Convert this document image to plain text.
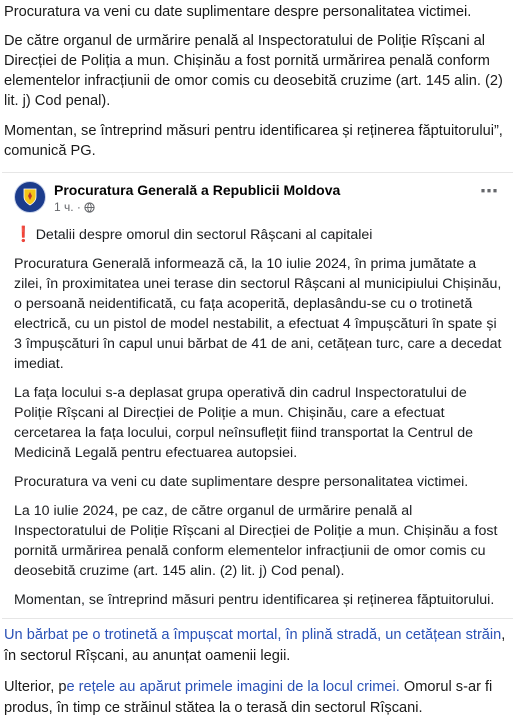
Procuratura va veni cu date suplimentare despre personalitatea victimei.

De către organul de urmărire penală al Inspectoratului de Poliție Rîșcani al Direcției de Poliția a mun. Chișinău a fost pornită urmărirea penală conform elementelor infracțiunii de omor comis cu deosebită cruzime (art. 145 alin. (2) lit. j) Cod penal).

Momentan, se întreprind măsuri pentru identificarea și reținerea făptuitorului”, comunică PG.

Procuratura Generală a Republicii Moldova
1 ч. ·
⋯

❗ Detalii despre omorul din sectorul Râșcani al capitalei

Procuratura Generală informează că, la 10 iulie 2024, în prima jumătate a zilei, în proximitatea unei terase din sectorul Râșcani al municipiului Chișinău, o persoană neidentificată, cu fața acoperită, deplasându-se cu o trotinetă electrică, cu un pistol de model nestabilit, a efectuat 4 împușcături în spate și 3 împușcături în capul unui bărbat de 41 de ani, cetățean turc, care a decedat imediat.

La fața locului s-a deplasat grupa operativă din cadrul Inspectoratului de Poliție Rîșcani al Direcției de Poliție a mun. Chișinău, care a efectuat cercetarea la fața locului, corpul neînsuflețit fiind transportat la Centrul de Medicină Legală pentru efectuarea autopsiei.

Procuratura va veni cu date suplimentare despre personalitatea victimei.

La 10 iulie 2024, pe caz, de către organul de urmărire penală al Inspectoratului de Poliție Rîșcani al Direcției de Poliție a mun. Chișinău a fost pornită urmărirea penală conform elementelor infracțiunii de omor comis cu deosebită cruzime (art. 145 alin. (2) lit. j) Cod penal).

Momentan, se întreprind măsuri pentru identificarea și reținerea făptuitorului.

Un bărbat pe o trotinetă a împușcat mortal, în plină stradă, un cetățean străin, în sectorul Rîșcani, au anunțat oamenii legii.

Ulterior, pe rețele au apărut primele imagini de la locul crimei. Omorul s-ar fi produs, în timp ce străinul stătea la o terasă din sectorul Rîșcani.
